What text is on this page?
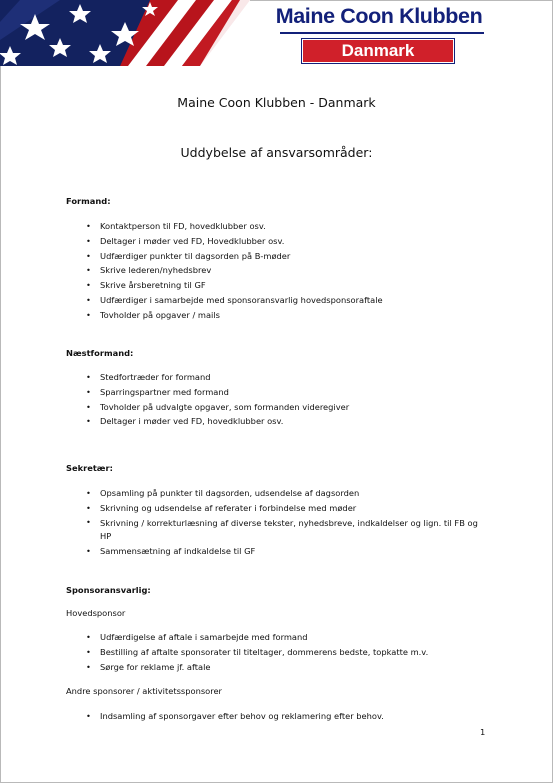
Maine Coon Klubben
Danmark
Maine Coon Klubben - Danmark
Uddybelse af ansvarsområder:
Formand:
• Kontaktperson til FD, hovedklubber osv.
• Deltager i møder ved FD, Hovedklubber osv.
• Udfærdiger punkter til dagsorden på B-møder
• Skrive lederen/nyhedsbrev
• Skrive årsberetning til GF
• Udfærdiger i samarbejde med sponsoransvarlig hovedsponsoraftale
• Tovholder på opgaver / mails
Næstformand:
• Stedfortræder for formand
• Sparringspartner med formand
• Tovholder på udvalgte opgaver, som formanden videregiver
• Deltager i møder ved FD, hovedklubber osv.
Sekretær:
• Opsamling på punkter til dagsorden, udsendelse af dagsorden
• Skrivning og udsendelse af referater i forbindelse med møder
• Skrivning / korrekturlæsning af diverse tekster, nyhedsbreve, indkaldelser og lign. til FB og HP
• Sammensætning af indkaldelse til GF
Sponsoransvarlig:
Hovedsponsor
• Udfærdigelse af aftale i samarbejde med formand
• Bestilling af aftalte sponsorater til titeltager, dommerens bedste, topkatte m.v.
• Sørge for reklame jf. aftale
Andre sponsorer / aktivitetssponsorer
• Indsamling af sponsorgaver efter behov og reklamering efter behov.
1
